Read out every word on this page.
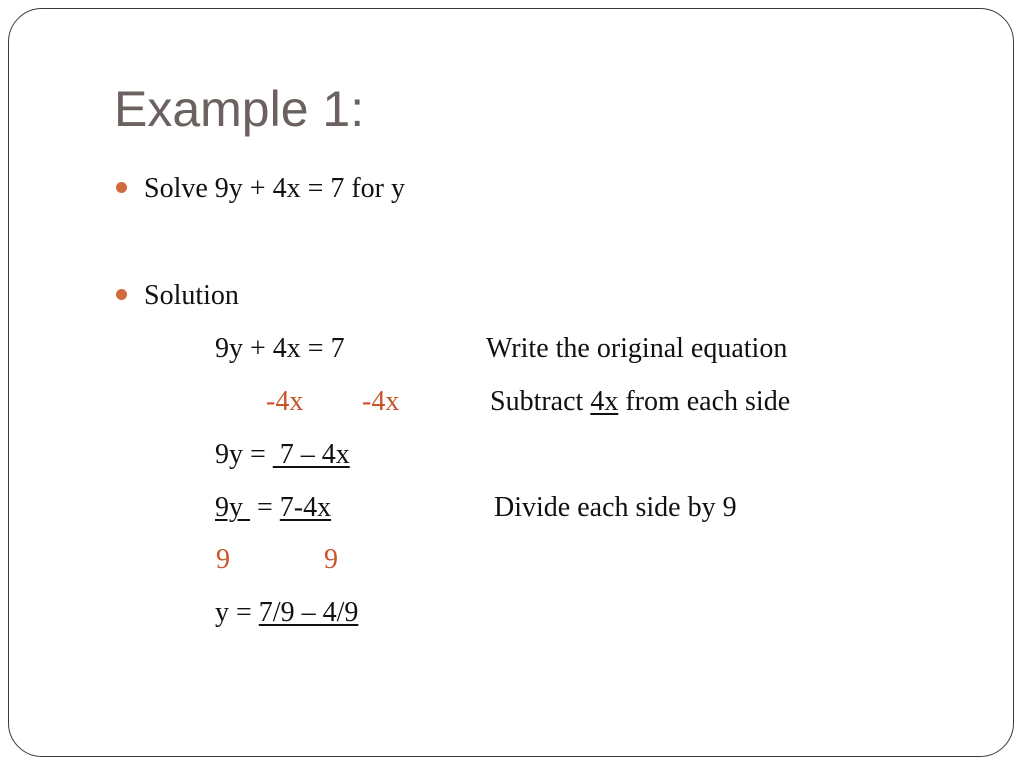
Example 1:
Solve 9y + 4x = 7 for y
Solution
9y + 4x = 7	Write the original equation
-4x -4x	Subtract 4x from each side
9y =  7 – 4x
9y  = 7-4x	Divide each side by 9
9	9
y = 7/9 – 4/9
